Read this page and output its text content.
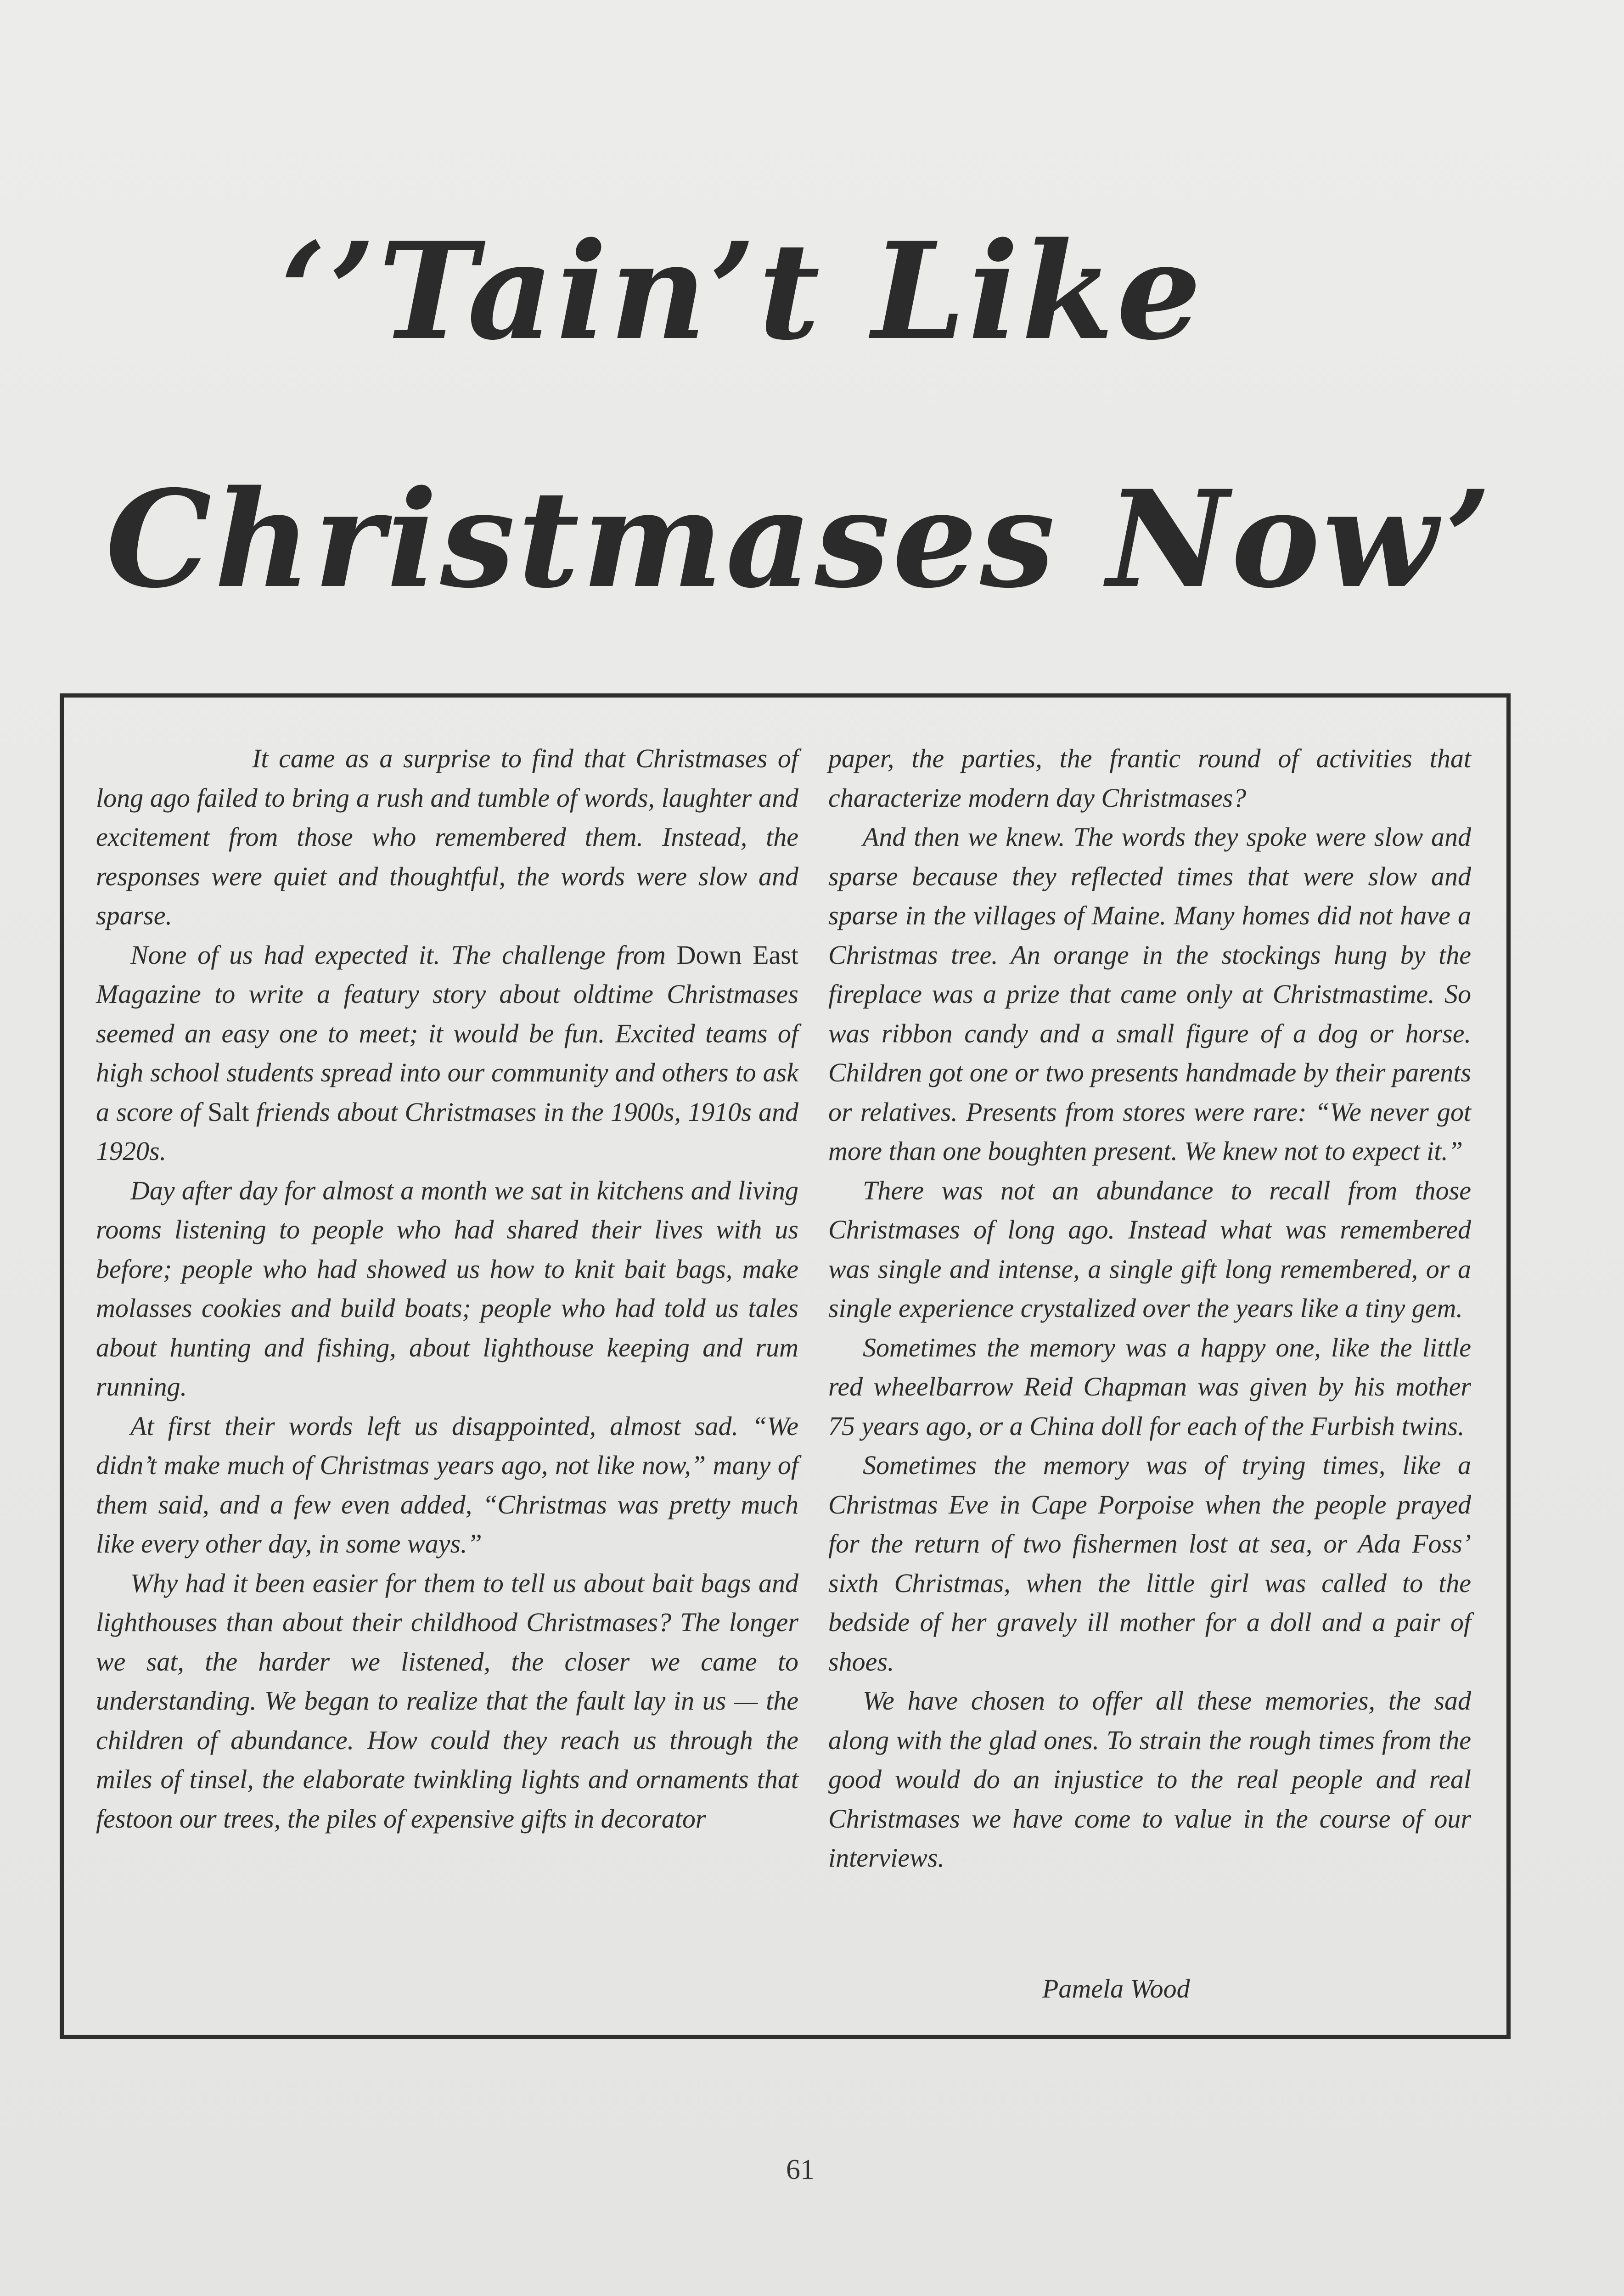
‘’Tain’t Like
Christmases Now’

It came as a surprise to find that Christmases of long ago failed to bring a rush and tumble of words, laughter and excitement from those who remembered them. Instead, the responses were quiet and thoughtful, the words were slow and sparse.

None of us had expected it. The challenge from Down East Magazine to write a featury story about oldtime Christmases seemed an easy one to meet; it would be fun. Excited teams of high school students spread into our community and others to ask a score of Salt friends about Christmases in the 1900s, 1910s and 1920s.

Day after day for almost a month we sat in kitchens and living rooms listening to people who had shared their lives with us before; people who had showed us how to knit bait bags, make molasses cookies and build boats; people who had told us tales about hunting and fishing, about lighthouse keeping and rum running.

At first their words left us disappointed, almost sad. “We didn’t make much of Christmas years ago, not like now,” many of them said, and a few even added, “Christmas was pretty much like every other day, in some ways.”

Why had it been easier for them to tell us about bait bags and lighthouses than about their childhood Christmases? The longer we sat, the harder we listened, the closer we came to understanding. We began to realize that the fault lay in us — the children of abundance. How could they reach us through the miles of tinsel, the elaborate twinkling lights and ornaments that festoon our trees, the piles of expensive gifts in decorator

paper, the parties, the frantic round of activities that characterize modern day Christmases?

And then we knew. The words they spoke were slow and sparse because they reflected times that were slow and sparse in the villages of Maine. Many homes did not have a Christmas tree. An orange in the stockings hung by the fireplace was a prize that came only at Christmastime. So was ribbon candy and a small figure of a dog or horse. Children got one or two presents handmade by their parents or relatives. Presents from stores were rare: “We never got more than one boughten present. We knew not to expect it.”

There was not an abundance to recall from those Christmases of long ago. Instead what was remembered was single and intense, a single gift long remembered, or a single experience crystalized over the years like a tiny gem.

Sometimes the memory was a happy one, like the little red wheelbarrow Reid Chapman was given by his mother 75 years ago, or a China doll for each of the Furbish twins.

Sometimes the memory was of trying times, like a Christmas Eve in Cape Porpoise when the people prayed for the return of two fishermen lost at sea, or Ada Foss’ sixth Christmas, when the little girl was called to the bedside of her gravely ill mother for a doll and a pair of shoes.

We have chosen to offer all these memories, the sad along with the glad ones. To strain the rough times from the good would do an injustice to the real people and real Christmases we have come to value in the course of our interviews.

Pamela Wood
61
